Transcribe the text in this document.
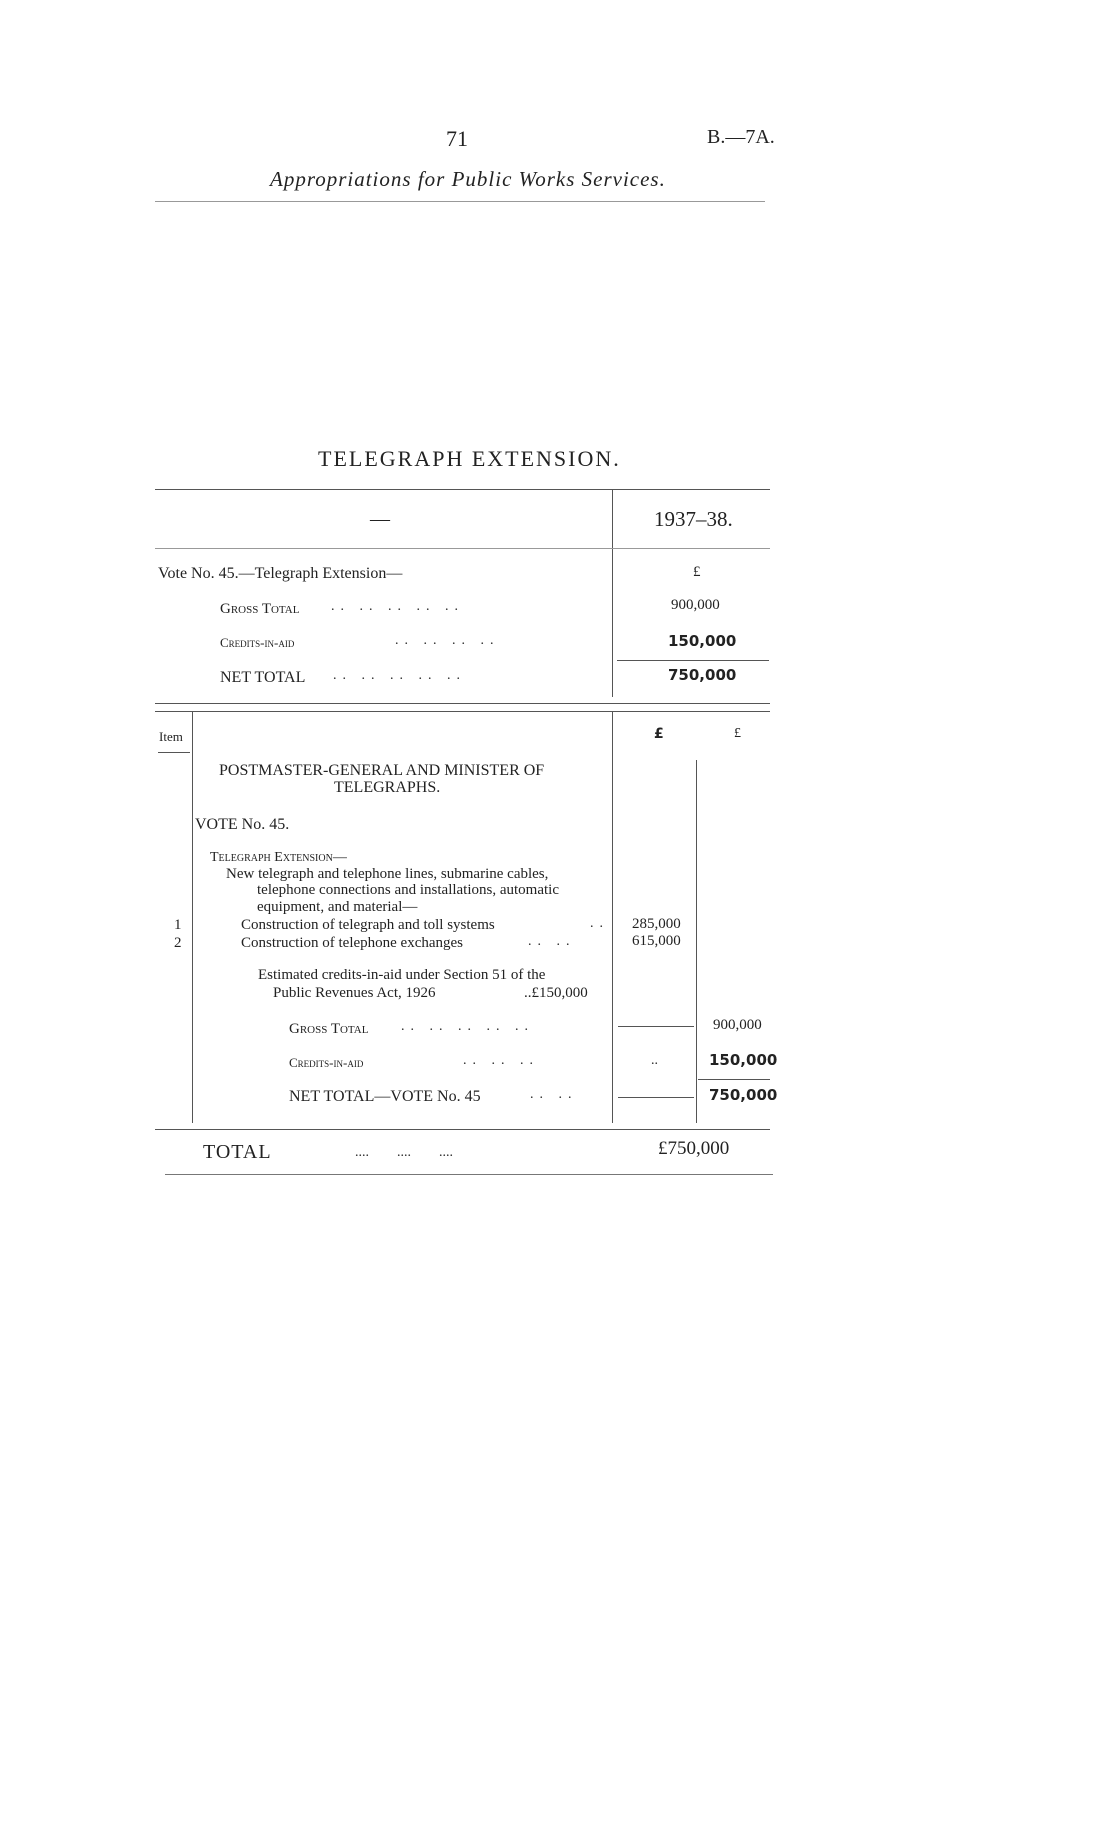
71	B.—7A.
Appropriations for Public Works Services.
TELEGRAPH EXTENSION.
—	1937–38.
Vote No. 45.—Telegraph Extension—	£
Gross Total .. .. .. .. ..	900,000
Credits-in-aid	.. .. .. ..	150,000
NET TOTAL .. .. .. .. ..	750,000
Item	£	£
POSTMASTER-GENERAL AND MINISTER OF
TELEGRAPHS.
VOTE No. 45.
Telegraph Extension—
New telegraph and telephone lines, submarine cables,
telephone connections and installations, automatic
equipment, and material—
1	Construction of telegraph and toll systems	.. 285,000
2	Construction of telephone exchanges	.. ..	615,000
Estimated credits-in-aid under Section 51 of the
Public Revenues Act, 1926	..£150,000
Gross Total .. .. .. .. ..	900,000
Credits-in-aid	.. .. ..	..	150,000
NET TOTAL—VOTE No. 45	.. ..	750,000
TOTAL	....        ....        ....	£750,000
